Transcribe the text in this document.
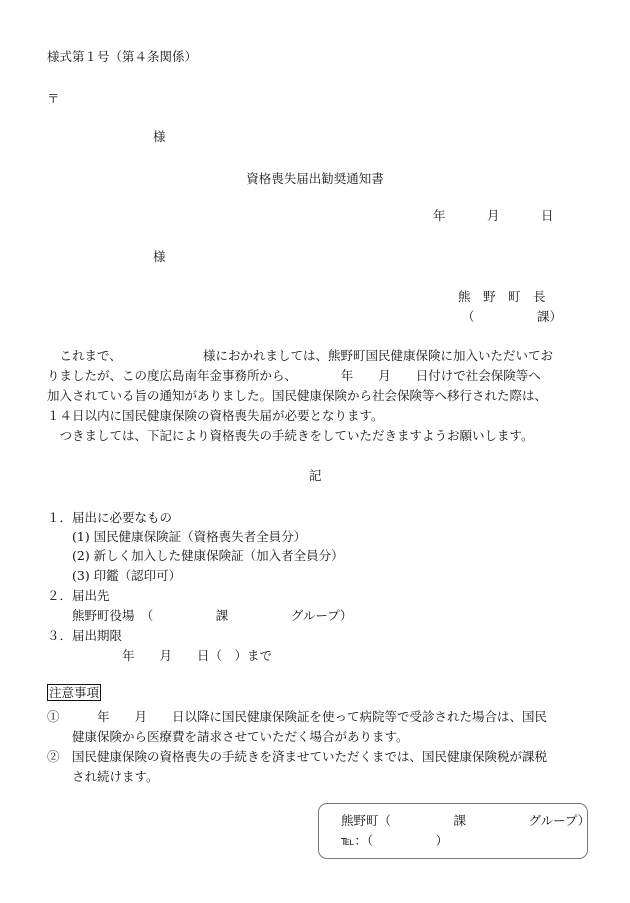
様式第１号（第４条関係）
〒
様
資格喪失届出勧奨通知書
年	月	日
様
熊　野　町　長
（　　　　　課）
　これまで、　　　　　　　様におかれましては、熊野町国民健康保険に加入いただいてお
りましたが、この度広島南年金事務所から、　　　　年　　月　　日付けで社会保険等へ
加入されている旨の通知がありました。国民健康保険から社会保険等へ移行された際は、
１４日以内に国民健康保険の資格喪失届が必要となります。
　つきましては、下記により資格喪失の手続きをしていただきますようお願いします。
記
１．届出に必要なもの
　　(1) 国民健康保険証（資格喪失者全員分）
　　(2) 新しく加入した健康保険証（加入者全員分）
　　(3) 印鑑（認印可）
２．届出先
　　熊野町役場　（　　　　　課　　　　　グループ）
３．届出期限
　　　　　　年　　月　　日（　）まで
注意事項
①　　　年　　月　　日以降に国民健康保険証を使って病院等で受診された場合は、国民
　　健康保険から医療費を請求させていただく場合があります。
②　国民健康保険の資格喪失の手続きを済ませていただくまでは、国民健康保険税が課税
　　され続けます。
熊野町（　　　　　課　　　　　グループ）
℡：（　　　　　）
